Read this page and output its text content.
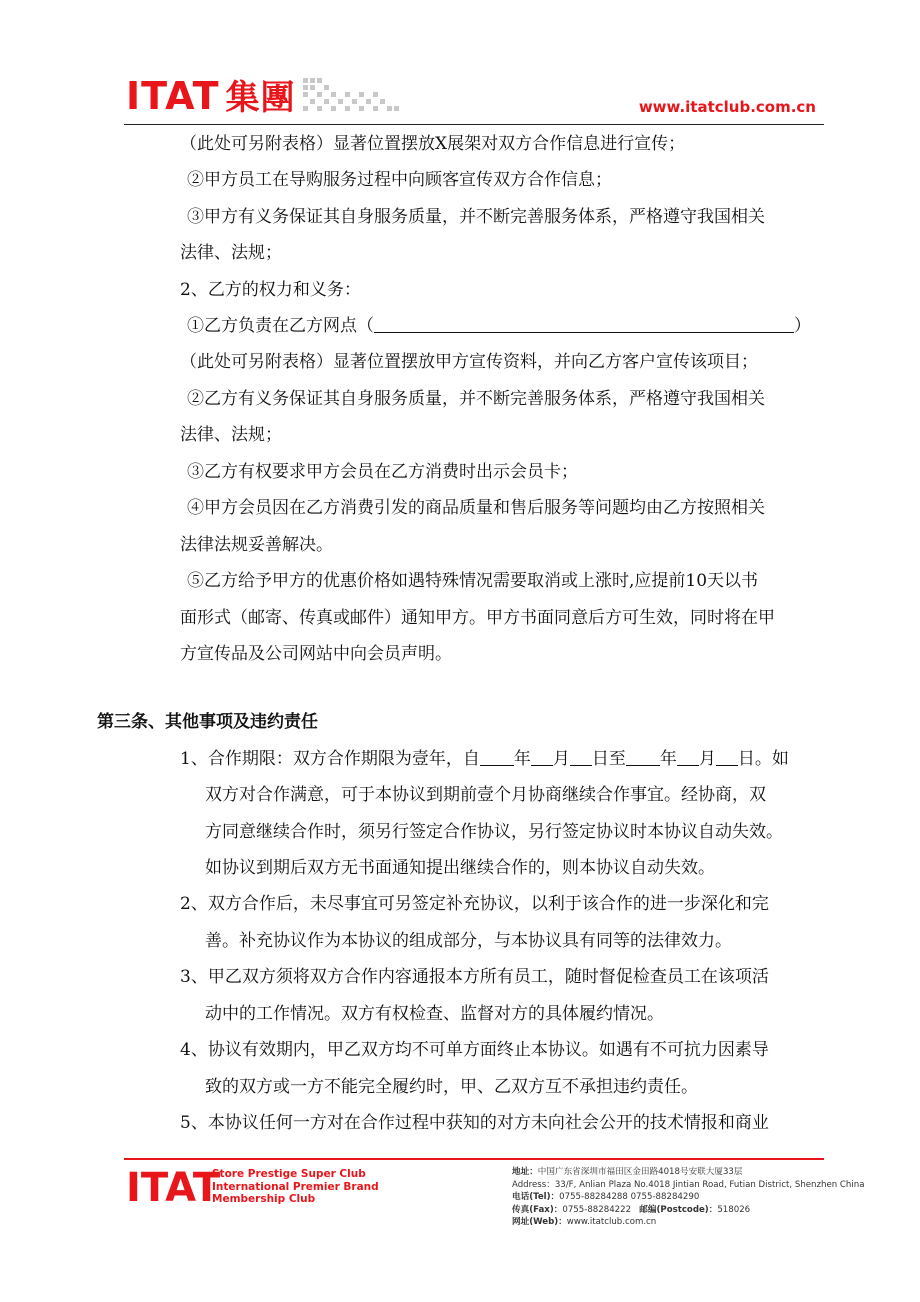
ITAT 集團	www.itatclub.com.cn
（此处可另附表格）显著位置摆放X展架对双方合作信息进行宣传；
②甲方员工在导购服务过程中向顾客宣传双方合作信息；
③甲方有义务保证其自身服务质量，并不断完善服务体系，严格遵守我国相关
法律、法规；
2、乙方的权力和义务：
①乙方负责在乙方网点（	）
（此处可另附表格）显著位置摆放甲方宣传资料，并向乙方客户宣传该项目；
②乙方有义务保证其自身服务质量，并不断完善服务体系，严格遵守我国相关
法律、法规；
③乙方有权要求甲方会员在乙方消费时出示会员卡；
④甲方会员因在乙方消费引发的商品质量和售后服务等问题均由乙方按照相关
法律法规妥善解决。
⑤乙方给予甲方的优惠价格如遇特殊情况需要取消或上涨时,应提前10天以书
面形式（邮寄、传真或邮件）通知甲方。甲方书面同意后方可生效，同时将在甲
方宣传品及公司网站中向会员声明。
第三条、其他事项及违约责任
1、合作期限：双方合作期限为壹年，自 年 月 日至 年 月 日。如
双方对合作满意，可于本协议到期前壹个月协商继续合作事宜。经协商，双
方同意继续合作时，须另行签定合作协议，另行签定协议时本协议自动失效。
如协议到期后双方无书面通知提出继续合作的，则本协议自动失效。
2、双方合作后，未尽事宜可另签定补充协议，以利于该合作的进一步深化和完
善。补充协议作为本协议的组成部分，与本协议具有同等的法律效力。
3、甲乙双方须将双方合作内容通报本方所有员工，随时督促检查员工在该项活
动中的工作情况。双方有权检查、监督对方的具体履约情况。
4、协议有效期内，甲乙双方均不可单方面终止本协议。如遇有不可抗力因素导
致的双方或一方不能完全履约时，甲、乙双方互不承担违约责任。
5、本协议任何一方对在合作过程中获知的对方未向社会公开的技术情报和商业
ITAT
Store Prestige Super Club
International Premier Brand
Membership Club
地址：中国广东省深圳市福田区金田路4018号安联大厦33层
Address：33/F, Anlian Plaza No.4018 Jintian Road, Futian District, Shenzhen China
电话(Tel)：0755-88284288 0755-88284290
传真(Fax)：0755-88284222 邮编(Postcode)：518026
网址(Web)：www.itatclub.com.cn
